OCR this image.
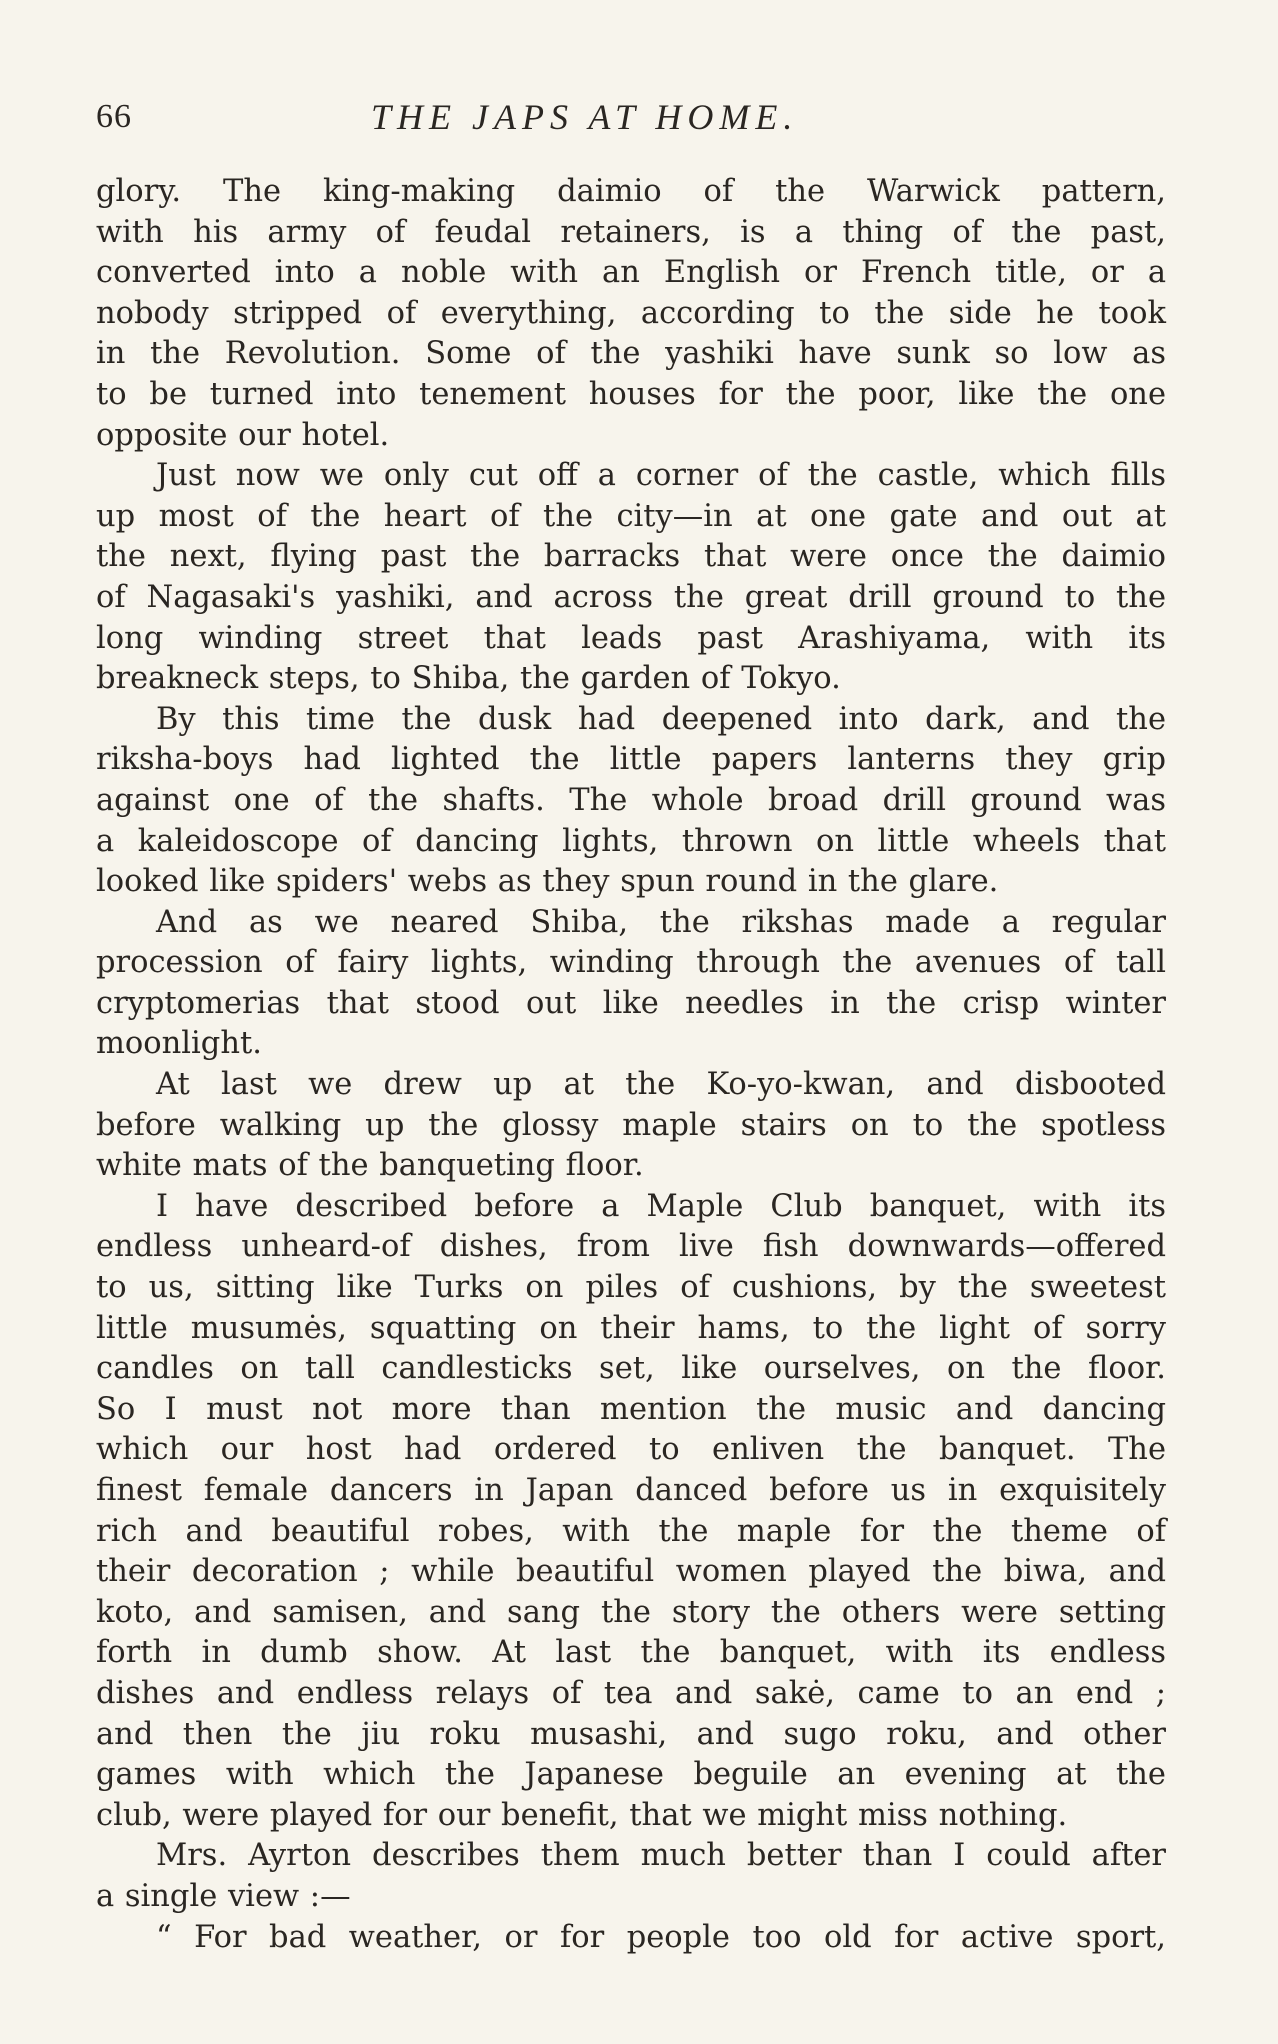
66	THE JAPS AT HOME.
glory. The king-making daimio of the Warwick pattern,
with his army of feudal retainers, is a thing of the past,
converted into a noble with an English or French title, or a
nobody stripped of everything, according to the side he took
in the Revolution. Some of the yashiki have sunk so low as
to be turned into tenement houses for the poor, like the one
opposite our hotel.
Just now we only cut off a corner of the castle, which fills
up most of the heart of the city—in at one gate and out at
the next, flying past the barracks that were once the daimio
of Nagasaki's yashiki, and across the great drill ground to the
long winding street that leads past Arashiyama, with its
breakneck steps, to Shiba, the garden of Tokyo.
By this time the dusk had deepened into dark, and the
riksha-boys had lighted the little papers lanterns they grip
against one of the shafts. The whole broad drill ground was
a kaleidoscope of dancing lights, thrown on little wheels that
looked like spiders' webs as they spun round in the glare.
And as we neared Shiba, the rikshas made a regular
procession of fairy lights, winding through the avenues of tall
cryptomerias that stood out like needles in the crisp winter
moonlight.
At last we drew up at the Ko-yo-kwan, and disbooted
before walking up the glossy maple stairs on to the spotless
white mats of the banqueting floor.
I have described before a Maple Club banquet, with its
endless unheard-of dishes, from live fish downwards—offered
to us, sitting like Turks on piles of cushions, by the sweetest
little musumės, squatting on their hams, to the light of sorry
candles on tall candlesticks set, like ourselves, on the floor.
So I must not more than mention the music and dancing
which our host had ordered to enliven the banquet. The
finest female dancers in Japan danced before us in exquisitely
rich and beautiful robes, with the maple for the theme of
their decoration ; while beautiful women played the biwa, and
koto, and samisen, and sang the story the others were setting
forth in dumb show. At last the banquet, with its endless
dishes and endless relays of tea and sakė, came to an end ;
and then the jiu roku musashi, and sugo roku, and other
games with which the Japanese beguile an evening at the
club, were played for our benefit, that we might miss nothing.
Mrs. Ayrton describes them much better than I could after
a single view :—
“ For bad weather, or for people too old for active sport,
